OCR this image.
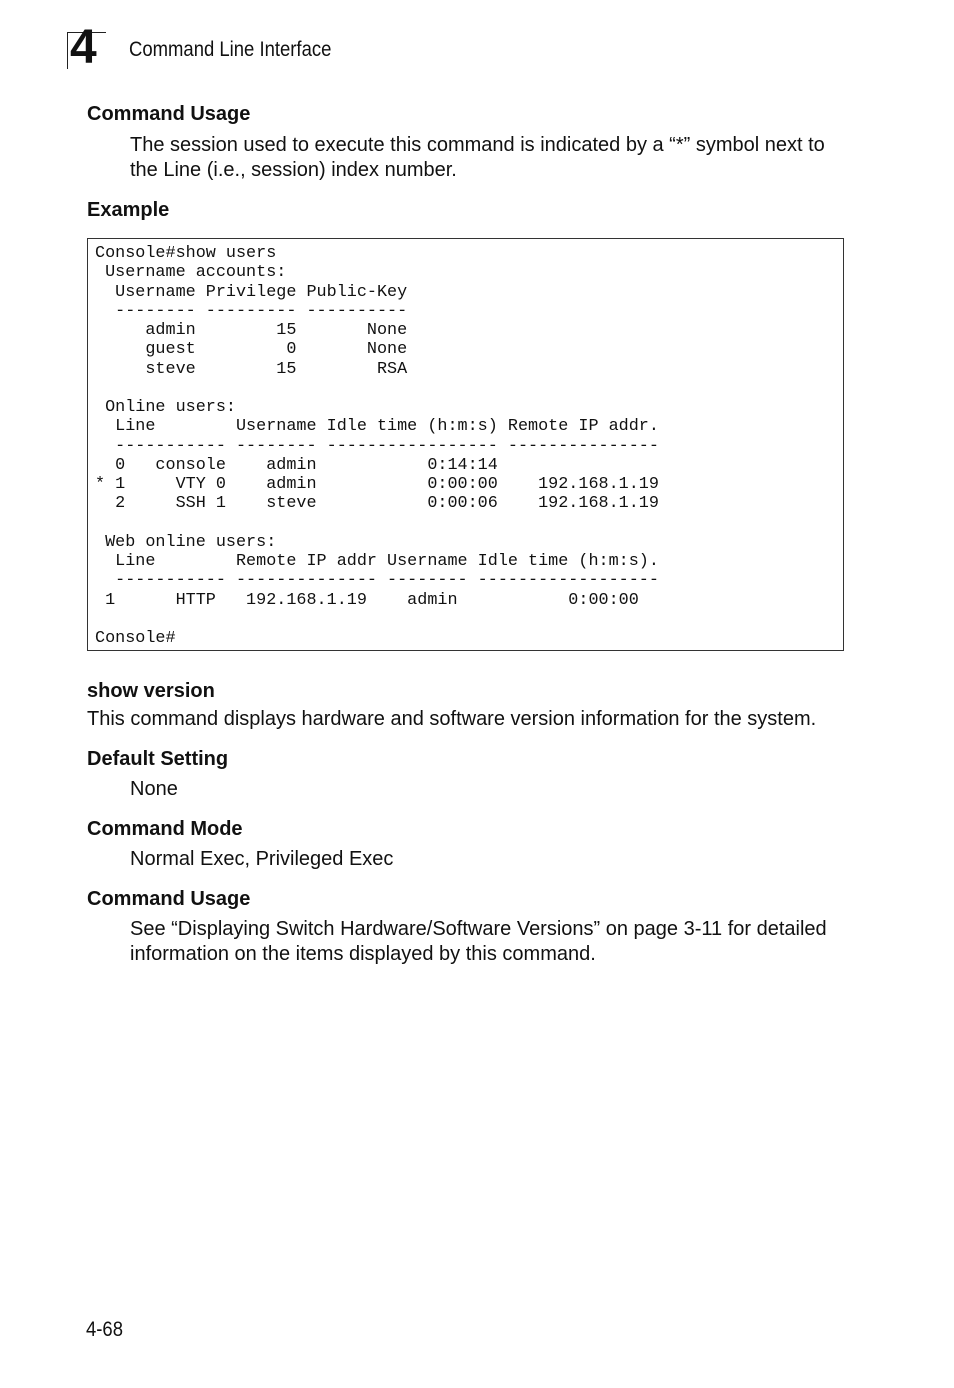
4 Command Line Interface
Command Usage
The session used to execute this command is indicated by a “*” symbol next to the Line (i.e., session) index number.
Example
Console#show users
Username accounts:
Username Privilege Public-Key
-------- --------- ----------
admin        15       None
guest         0       None
steve        15        RSA

Online users:
Line        Username Idle time (h:m:s) Remote IP addr.
----------- -------- ----------------- ---------------
0   console    admin           0:14:14
* 1     VTY 0    admin           0:00:00    192.168.1.19
2     SSH 1    steve           0:00:06    192.168.1.19

Web online users:
Line        Remote IP addr Username Idle time (h:m:s).
----------- -------------- -------- ------------------
1      HTTP   192.168.1.19    admin           0:00:00

Console#
show version
This command displays hardware and software version information for the system.
Default Setting
None
Command Mode
Normal Exec, Privileged Exec
Command Usage
See “Displaying Switch Hardware/Software Versions” on page 3-11 for detailed information on the items displayed by this command.
4-68
